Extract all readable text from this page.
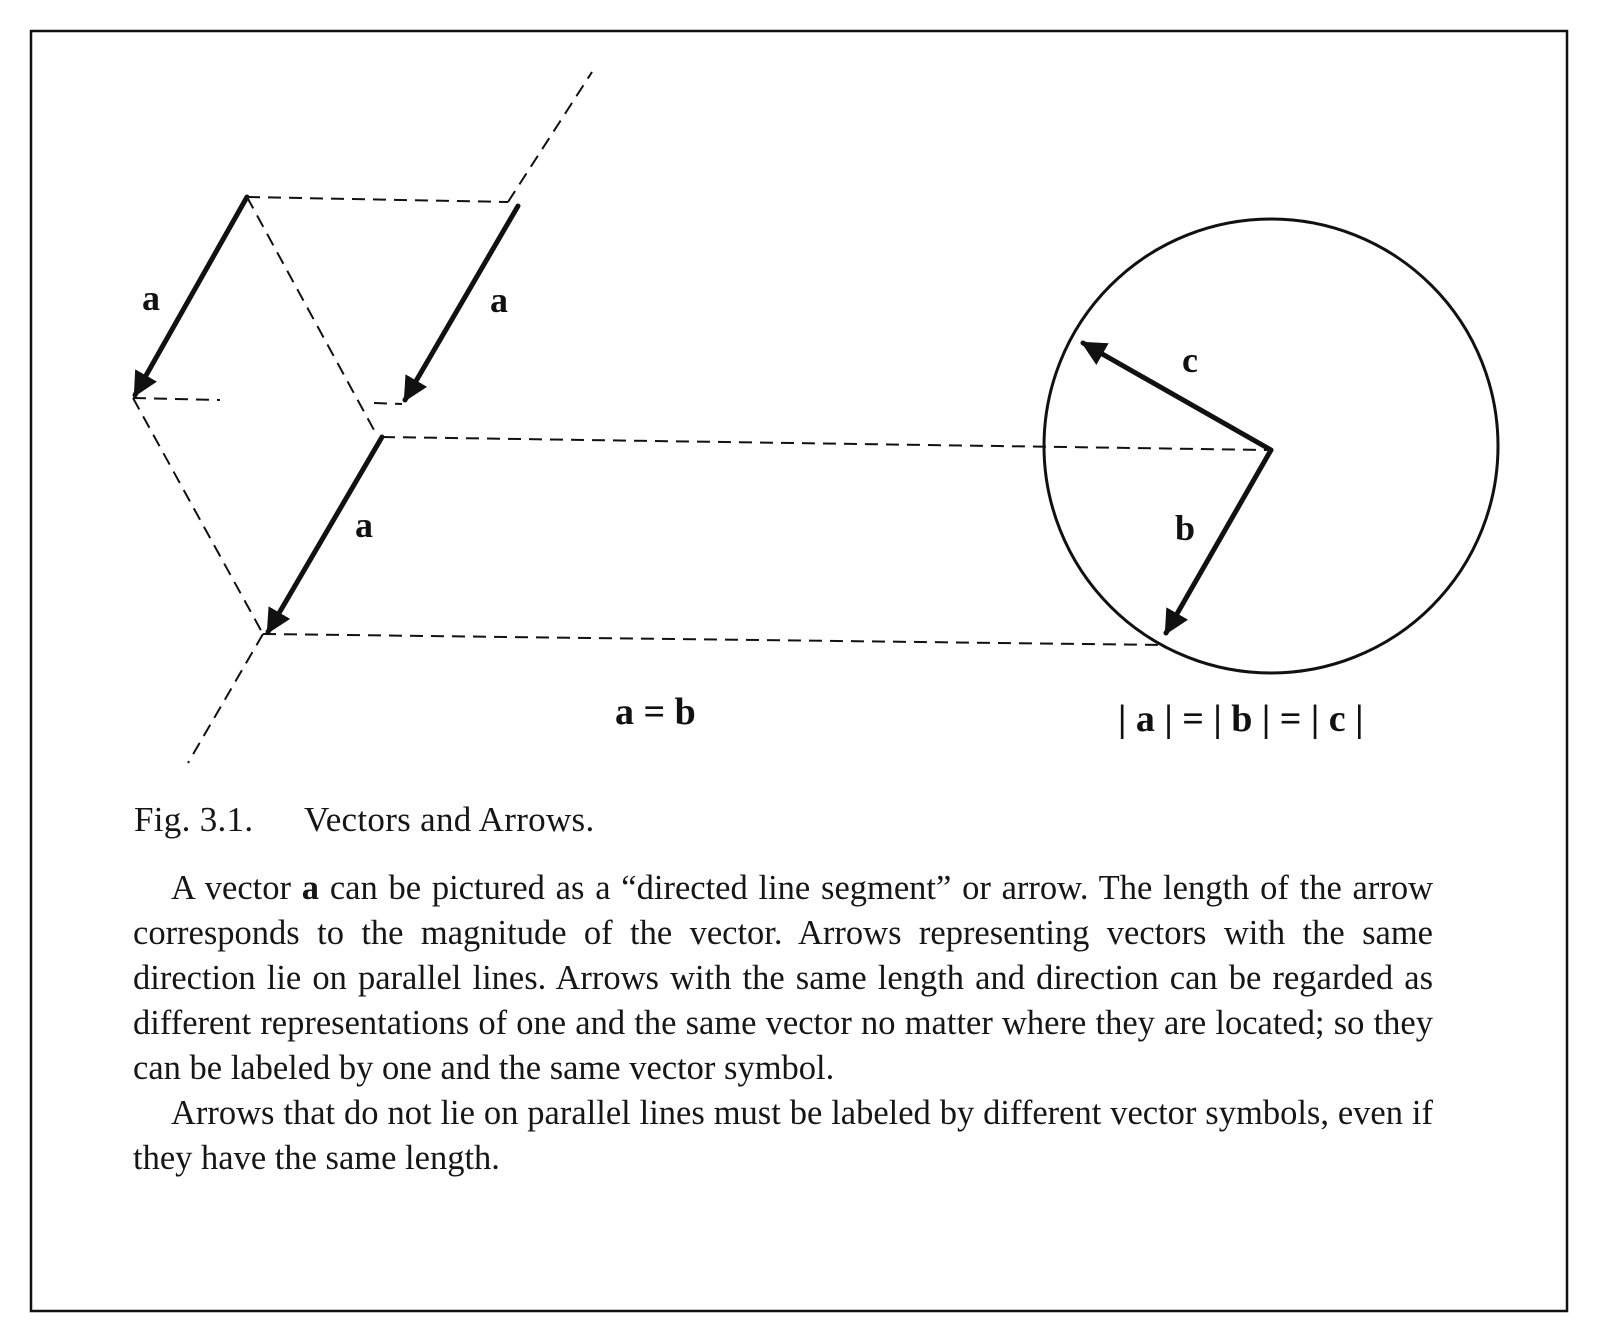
a	a
a
c
b
a = b	| a | = | b | = | c |
Fig. 3.1. Vectors and Arrows.

A vector a can be pictured as a “directed line segment” or arrow. The length of the arrow corresponds to the magnitude of the vector. Arrows representing vectors with the same direction lie on parallel lines. Arrows with the same length and direction can be regarded as different representations of one and the same vector no matter where they are located; so they can be labeled by one and the same vector symbol.

Arrows that do not lie on parallel lines must be labeled by different vector symbols, even if they have the same length.
